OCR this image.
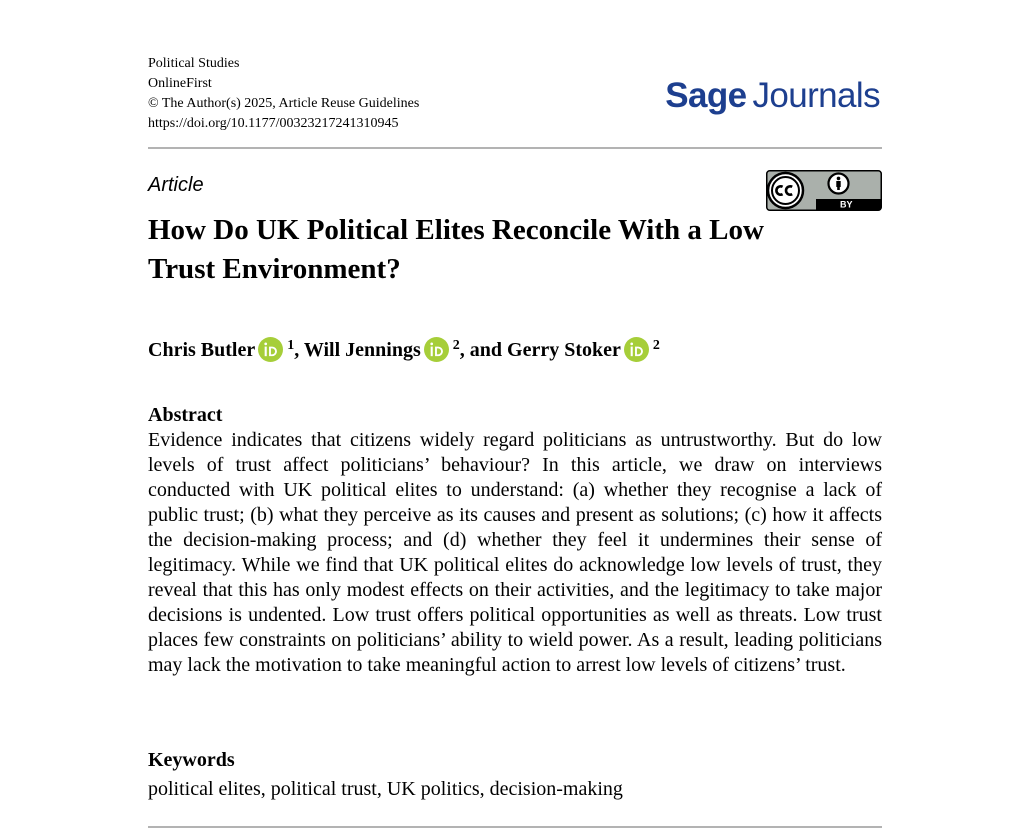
Political Studies
OnlineFirst
© The Author(s) 2025, Article Reuse Guidelines
https://doi.org/10.1177/00323217241310945
Sage Journals
Article
BY
How Do UK Political Elites Reconcile With a Low Trust Environment?
Chris Butler $^1$, Will Jennings $^2$, and Gerry Stoker $^2$
Abstract

Evidence indicates that citizens widely regard politicians as untrustworthy. But do low levels of trust affect politicians’ behaviour? In this article, we draw on interviews conducted with UK political elites to understand: (a) whether they recognise a lack of public trust; (b) what they perceive as its causes and present as solutions; (c) how it affects the decision-making process; and (d) whether they feel it undermines their sense of legitimacy. While we find that UK political elites do acknowledge low levels of trust, they reveal that this has only modest effects on their activities, and the legitimacy to take major decisions is undented. Low trust offers political opportunities as well as threats. Low trust places few constraints on politicians’ ability to wield power. As a result, leading politicians may lack the motivation to take meaningful action to arrest low levels of citizens’ trust.

Keywords
political elites, political trust, UK politics, decision-making
